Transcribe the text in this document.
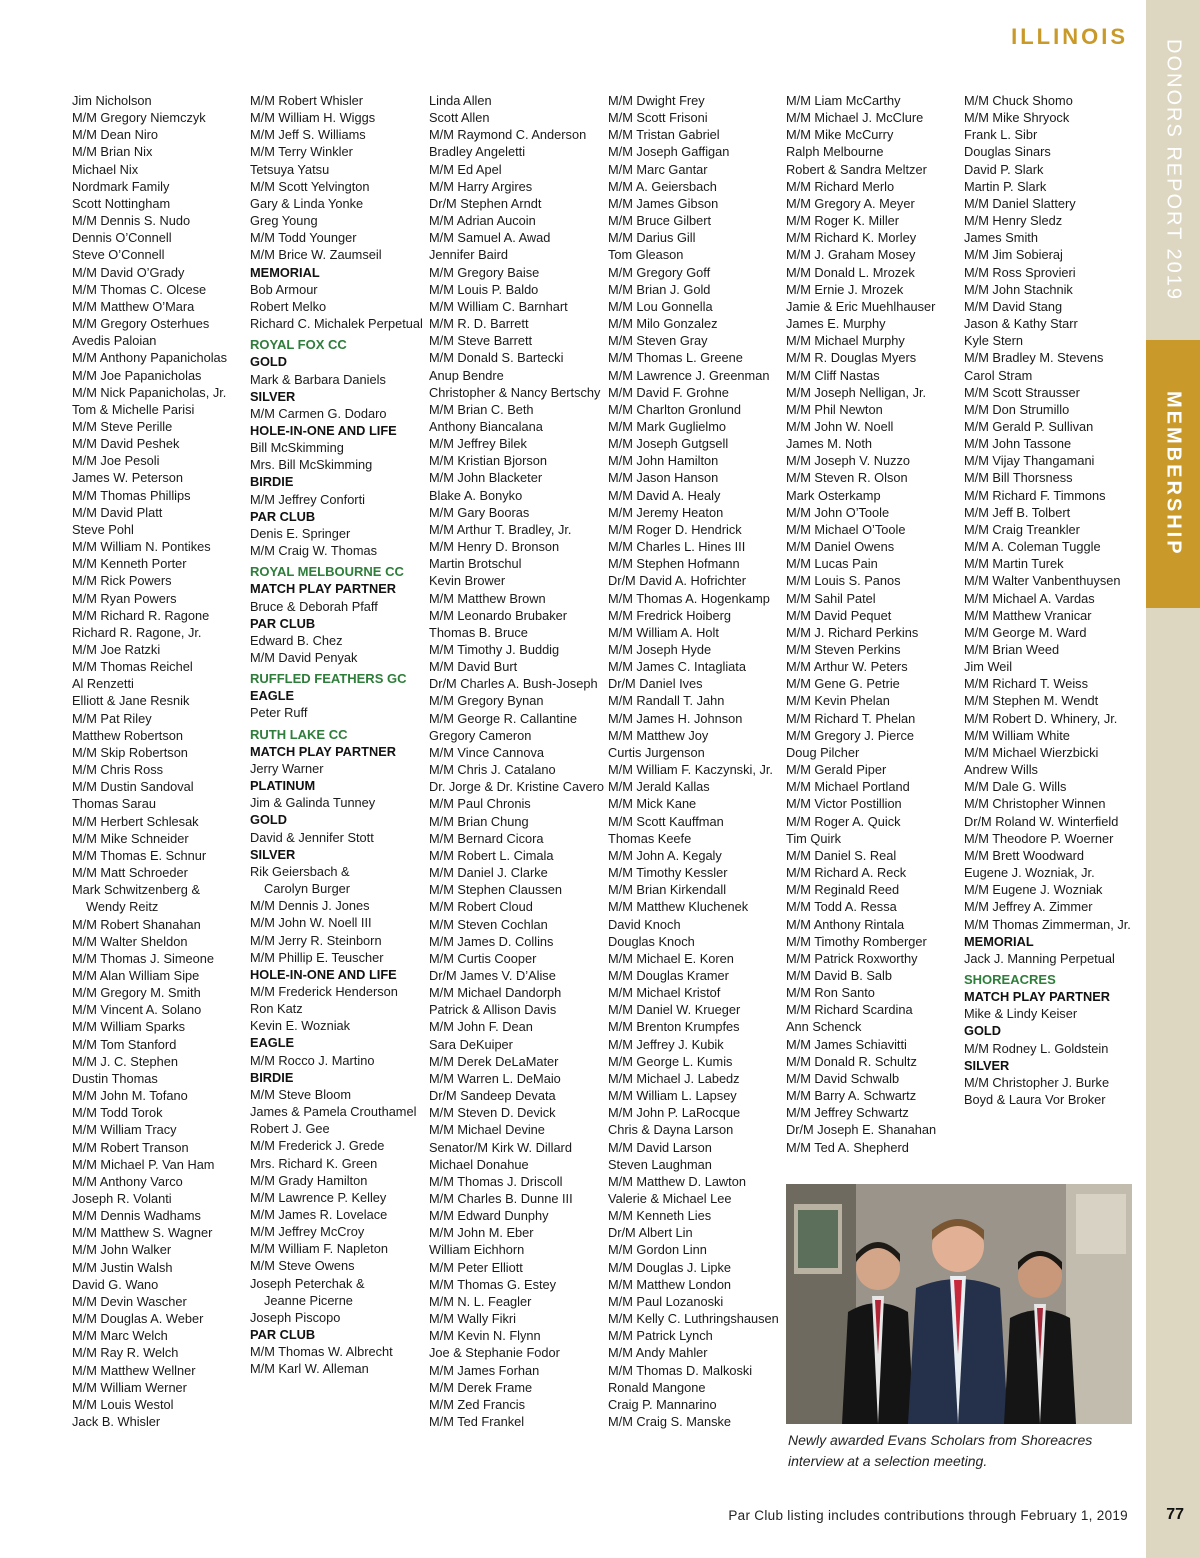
ILLINOIS
DONORS REPORT 2019
MEMBERSHIP
Jim Nicholson
M/M Gregory Niemczyk
M/M Dean Niro
M/M Brian Nix
Michael Nix
Nordmark Family
Scott Nottingham
M/M Dennis S. Nudo
Dennis O’Connell
Steve O’Connell
M/M David O’Grady
M/M Thomas C. Olcese
M/M Matthew O’Mara
M/M Gregory Osterhues
Avedis Paloian
M/M Anthony Papanicholas
M/M Joe Papanicholas
M/M Nick Papanicholas, Jr.
Tom & Michelle Parisi
M/M Steve Perille
M/M David Peshek
M/M Joe Pesoli
James W. Peterson
M/M Thomas Phillips
M/M David Platt
Steve Pohl
M/M William N. Pontikes
M/M Kenneth Porter
M/M Rick Powers
M/M Ryan Powers
M/M Richard R. Ragone
Richard R. Ragone, Jr.
M/M Joe Ratzki
M/M Thomas Reichel
Al Renzetti
Elliott & Jane Resnik
M/M Pat Riley
Matthew Robertson
M/M Skip Robertson
M/M Chris Ross
M/M Dustin Sandoval
Thomas Sarau
M/M Herbert Schlesak
M/M Mike Schneider
M/M Thomas E. Schnur
M/M Matt Schroeder
Mark Schwitzenberg &
Wendy Reitz
M/M Robert Shanahan
M/M Walter Sheldon
M/M Thomas J. Simeone
M/M Alan William Sipe
M/M Gregory M. Smith
M/M Vincent A. Solano
M/M William Sparks
M/M Tom Stanford
M/M J. C. Stephen
Dustin Thomas
M/M John M. Tofano
M/M Todd Torok
M/M William Tracy
M/M Robert Transon
M/M Michael P. Van Ham
M/M Anthony Varco
Joseph R. Volanti
M/M Dennis Wadhams
M/M Matthew S. Wagner
M/M John Walker
M/M Justin Walsh
David G. Wano
M/M Devin Wascher
M/M Douglas A. Weber
M/M Marc Welch
M/M Ray R. Welch
M/M Matthew Wellner
M/M William Werner
M/M Louis Westol
Jack B. Whisler
M/M Robert Whisler
M/M William H. Wiggs
M/M Jeff S. Williams
M/M Terry Winkler
Tetsuya Yatsu
M/M Scott Yelvington
Gary & Linda Yonke
Greg Young
M/M Todd Younger
M/M Brice W. Zaumseil
MEMORIAL
Bob Armour
Robert Melko
Richard C. Michalek Perpetual
ROYAL FOX CC
GOLD
Mark & Barbara Daniels
SILVER
M/M Carmen G. Dodaro
HOLE-IN-ONE AND LIFE
Bill McSkimming
Mrs. Bill McSkimming
BIRDIE
M/M Jeffrey Conforti
PAR CLUB
Denis E. Springer
M/M Craig W. Thomas
ROYAL MELBOURNE CC
MATCH PLAY PARTNER
Bruce & Deborah Pfaff
PAR CLUB
Edward B. Chez
M/M David Penyak
RUFFLED FEATHERS GC
EAGLE
Peter Ruff
RUTH LAKE CC
MATCH PLAY PARTNER
Jerry Warner
PLATINUM
Jim & Galinda Tunney
GOLD
David & Jennifer Stott
SILVER
Rik Geiersbach &
Carolyn Burger
M/M Dennis J. Jones
M/M John W. Noell III
M/M Jerry R. Steinborn
M/M Phillip E. Teuscher
HOLE-IN-ONE AND LIFE
M/M Frederick Henderson
Ron Katz
Kevin E. Wozniak
EAGLE
M/M Rocco J. Martino
BIRDIE
M/M Steve Bloom
James & Pamela Crouthamel
Robert J. Gee
M/M Frederick J. Grede
Mrs. Richard K. Green
M/M Grady Hamilton
M/M Lawrence P. Kelley
M/M James R. Lovelace
M/M Jeffrey McCroy
M/M William F. Napleton
M/M Steve Owens
Joseph Peterchak &
Jeanne Picerne
Joseph Piscopo
PAR CLUB
M/M Thomas W. Albrecht
M/M Karl W. Alleman
Linda Allen
Scott Allen
M/M Raymond C. Anderson
Bradley Angeletti
M/M Ed Apel
M/M Harry Argires
Dr/M Stephen Arndt
M/M Adrian Aucoin
M/M Samuel A. Awad
Jennifer Baird
M/M Gregory Baise
M/M Louis P. Baldo
M/M William C. Barnhart
M/M R. D. Barrett
M/M Steve Barrett
M/M Donald S. Bartecki
Anup Bendre
Christopher & Nancy Bertschy
M/M Brian C. Beth
Anthony Biancalana
M/M Jeffrey Bilek
M/M Kristian Bjorson
M/M John Blacketer
Blake A. Bonyko
M/M Gary Booras
M/M Arthur T. Bradley, Jr.
M/M Henry D. Bronson
Martin Brotschul
Kevin Brower
M/M Matthew Brown
M/M Leonardo Brubaker
Thomas B. Bruce
M/M Timothy J. Buddig
M/M David Burt
Dr/M Charles A. Bush-Joseph
M/M Gregory Bynan
M/M George R. Callantine
Gregory Cameron
M/M Vince Cannova
M/M Chris J. Catalano
Dr. Jorge & Dr. Kristine Cavero
M/M Paul Chronis
M/M Brian Chung
M/M Bernard Cicora
M/M Robert L. Cimala
M/M Daniel J. Clarke
M/M Stephen Claussen
M/M Robert Cloud
M/M Steven Cochlan
M/M James D. Collins
M/M Curtis Cooper
Dr/M James V. D’Alise
M/M Michael Dandorph
Patrick & Allison Davis
M/M John F. Dean
Sara DeKuiper
M/M Derek DeLaMater
M/M Warren L. DeMaio
Dr/M Sandeep Devata
M/M Steven D. Devick
M/M Michael Devine
Senator/M Kirk W. Dillard
Michael Donahue
M/M Thomas J. Driscoll
M/M Charles B. Dunne III
M/M Edward Dunphy
M/M John M. Eber
William Eichhorn
M/M Peter Elliott
M/M Thomas G. Estey
M/M N. L. Feagler
M/M Wally Fikri
M/M Kevin N. Flynn
Joe & Stephanie Fodor
M/M James Forhan
M/M Derek Frame
M/M Zed Francis
M/M Ted Frankel
M/M Dwight Frey
M/M Scott Frisoni
M/M Tristan Gabriel
M/M Joseph Gaffigan
M/M Marc Gantar
M/M A. Geiersbach
M/M James Gibson
M/M Bruce Gilbert
M/M Darius Gill
Tom Gleason
M/M Gregory Goff
M/M Brian J. Gold
M/M Lou Gonnella
M/M Milo Gonzalez
M/M Steven Gray
M/M Thomas L. Greene
M/M Lawrence J. Greenman
M/M David F. Grohne
M/M Charlton Gronlund
M/M Mark Guglielmo
M/M Joseph Gutgsell
M/M John Hamilton
M/M Jason Hanson
M/M David A. Healy
M/M Jeremy Heaton
M/M Roger D. Hendrick
M/M Charles L. Hines III
M/M Stephen Hofmann
Dr/M David A. Hofrichter
M/M Thomas A. Hogenkamp
M/M Fredrick Hoiberg
M/M William A. Holt
M/M Joseph Hyde
M/M James C. Intagliata
Dr/M Daniel Ives
M/M Randall T. Jahn
M/M James H. Johnson
M/M Matthew Joy
Curtis Jurgenson
M/M William F. Kaczynski, Jr.
M/M Jerald Kallas
M/M Mick Kane
M/M Scott Kauffman
Thomas Keefe
M/M John A. Kegaly
M/M Timothy Kessler
M/M Brian Kirkendall
M/M Matthew Kluchenek
David Knoch
Douglas Knoch
M/M Michael E. Koren
M/M Douglas Kramer
M/M Michael Kristof
M/M Daniel W. Krueger
M/M Brenton Krumpfes
M/M Jeffrey J. Kubik
M/M George L. Kumis
M/M Michael J. Labedz
M/M William L. Lapsey
M/M John P. LaRocque
Chris & Dayna Larson
M/M David Larson
Steven Laughman
M/M Matthew D. Lawton
Valerie & Michael Lee
M/M Kenneth Lies
Dr/M Albert Lin
M/M Gordon Linn
M/M Douglas J. Lipke
M/M Matthew London
M/M Paul Lozanoski
M/M Kelly C. Luthringshausen
M/M Patrick Lynch
M/M Andy Mahler
M/M Thomas D. Malkoski
Ronald Mangone
Craig P. Mannarino
M/M Craig S. Manske
M/M Liam McCarthy
M/M Michael J. McClure
M/M Mike McCurry
Ralph Melbourne
Robert & Sandra Meltzer
M/M Richard Merlo
M/M Gregory A. Meyer
M/M Roger K. Miller
M/M Richard K. Morley
M/M J. Graham Mosey
M/M Donald L. Mrozek
M/M Ernie J. Mrozek
Jamie & Eric Muehlhauser
James E. Murphy
M/M Michael Murphy
M/M R. Douglas Myers
M/M Cliff Nastas
M/M Joseph Nelligan, Jr.
M/M Phil Newton
M/M John W. Noell
James M. Noth
M/M Joseph V. Nuzzo
M/M Steven R. Olson
Mark Osterkamp
M/M John O’Toole
M/M Michael O’Toole
M/M Daniel Owens
M/M Lucas Pain
M/M Louis S. Panos
M/M Sahil Patel
M/M David Pequet
M/M J. Richard Perkins
M/M Steven Perkins
M/M Arthur W. Peters
M/M Gene G. Petrie
M/M Kevin Phelan
M/M Richard T. Phelan
M/M Gregory J. Pierce
Doug Pilcher
M/M Gerald Piper
M/M Michael Portland
M/M Victor Postillion
M/M Roger A. Quick
Tim Quirk
M/M Daniel S. Real
M/M Richard A. Reck
M/M Reginald Reed
M/M Todd A. Ressa
M/M Anthony Rintala
M/M Timothy Romberger
M/M Patrick Roxworthy
M/M David B. Salb
M/M Ron Santo
M/M Richard Scardina
Ann Schenck
M/M James Schiavitti
M/M Donald R. Schultz
M/M David Schwalb
M/M Barry A. Schwartz
M/M Jeffrey Schwartz
Dr/M Joseph E. Shanahan
M/M Ted A. Shepherd
M/M Chuck Shomo
M/M Mike Shryock
Frank L. Sibr
Douglas Sinars
David P. Slark
Martin P. Slark
M/M Daniel Slattery
M/M Henry Sledz
James Smith
M/M Jim Sobieraj
M/M Ross Sprovieri
M/M John Stachnik
M/M David Stang
Jason & Kathy Starr
Kyle Stern
M/M Bradley M. Stevens
Carol Stram
M/M Scott Strausser
M/M Don Strumillo
M/M Gerald P. Sullivan
M/M John Tassone
M/M Vijay Thangamani
M/M Bill Thorsness
M/M Richard F. Timmons
M/M Jeff B. Tolbert
M/M Craig Treankler
M/M A. Coleman Tuggle
M/M Martin Turek
M/M Walter Vanbenthuysen
M/M Michael A. Vardas
M/M Matthew Vranicar
M/M George M. Ward
M/M Brian Weed
Jim Weil
M/M Richard T. Weiss
M/M Stephen M. Wendt
M/M Robert D. Whinery, Jr.
M/M William White
M/M Michael Wierzbicki
Andrew Wills
M/M Dale G. Wills
M/M Christopher Winnen
Dr/M Roland W. Winterfield
M/M Theodore P. Woerner
M/M Brett Woodward
Eugene J. Wozniak, Jr.
M/M Eugene J. Wozniak
M/M Jeffrey A. Zimmer
M/M Thomas Zimmerman, Jr.
MEMORIAL
Jack J. Manning Perpetual
SHOREACRES
MATCH PLAY PARTNER
Mike & Lindy Keiser
GOLD
M/M Rodney L. Goldstein
SILVER
M/M Christopher J. Burke
Boyd & Laura Vor Broker
Newly awarded Evans Scholars from Shoreacres interview at a selection meeting.
Par Club listing includes contributions through February 1, 2019 77
